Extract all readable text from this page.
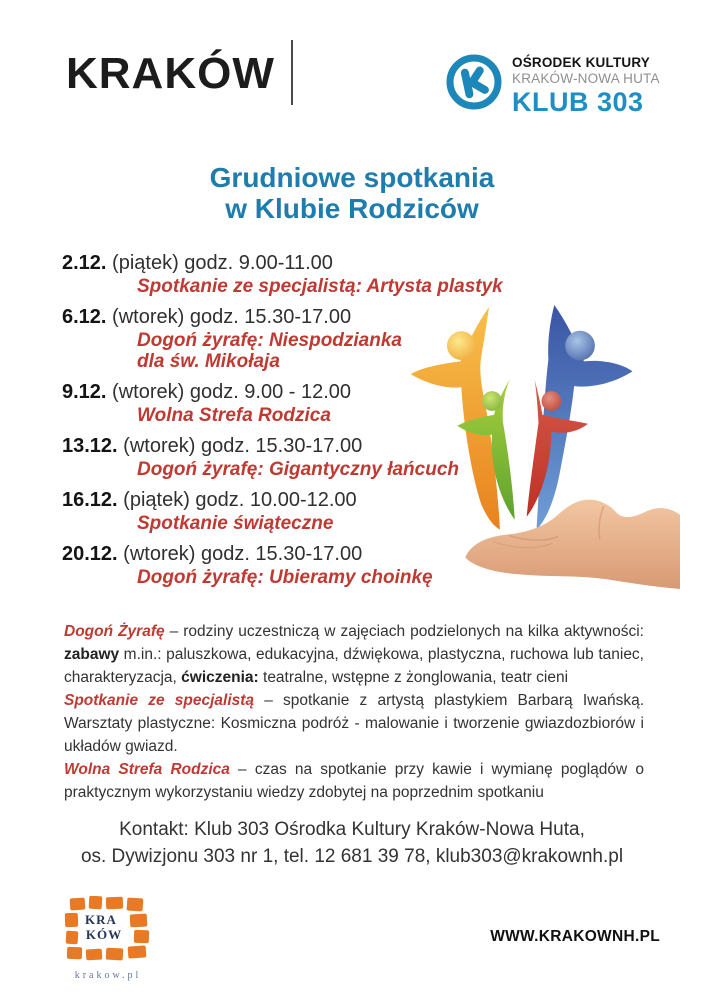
KRAKÓW	OŚRODEK KULTURY
KRAKÓW-NOWA HUTA
KLUB 303
Grudniowe spotkania
w Klubie Rodziców
2.12. (piątek) godz. 9.00-11.00
Spotkanie ze specjalistą: Artysta plastyk
6.12. (wtorek) godz. 15.30-17.00
Dogoń żyrafę: Niespodzianka
dla św. Mikołaja
9.12. (wtorek) godz. 9.00 - 12.00
Wolna Strefa Rodzica
13.12. (wtorek) godz. 15.30-17.00
Dogoń żyrafę: Gigantyczny łańcuch
16.12. (piątek) godz. 10.00-12.00
Spotkanie świąteczne
20.12. (wtorek) godz. 15.30-17.00
Dogoń żyrafę: Ubieramy choinkę

Dogoń Żyrafę – rodziny uczestniczą w zajęciach podzielonych na kilka aktywności: zabawy m.in.: paluszkowa, edukacyjna, dźwiękowa, plastyczna, ruchowa lub taniec, charakteryzacja, ćwiczenia: teatralne, wstępne z żonglowania, teatr cieni

Spotkanie ze specjalistą – spotkanie z artystą plastykiem Barbarą Iwańską. Warsztaty plastyczne: Kosmiczna podróż - malowanie i tworzenie gwiazdozbiorów i układów gwiazd.

Wolna Strefa Rodzica – czas na spotkanie przy kawie i wymianę poglądów o praktycznym wykorzystaniu wiedzy zdobytej na poprzednim spotkaniu

Kontakt: Klub 303 Ośrodka Kultury Kraków-Nowa Huta,
os. Dywizjonu 303 nr 1, tel. 12 681 39 78, klub303@krakownh.pl
KRA
KÓW
krakow.pl
WWW.KRAKOWNH.PL
